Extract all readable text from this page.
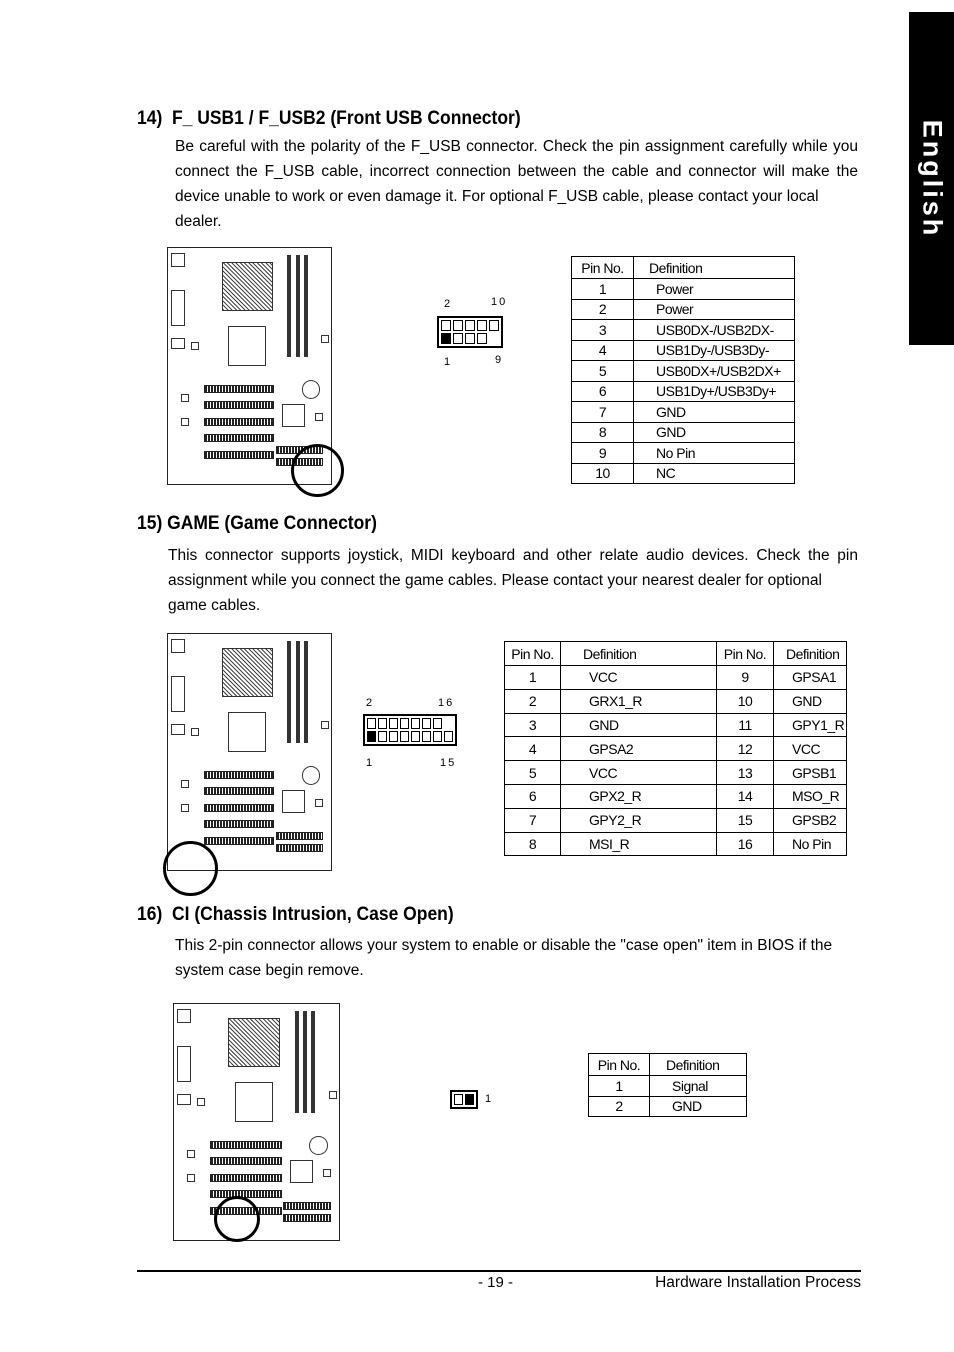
English
14) F_ USB1 / F_USB2 (Front USB Connector)

Be careful with the polarity of the F_USB connector. Check the pin assignment carefully while you connect the F_USB cable, incorrect connection between the cable and connector will make the device unable to work or even damage it. For optional F_USB cable, please contact your local

dealer.

2	10
1	9
Pin No.	Definition
1	Power
2	Power
3	USB0DX-/USB2DX-
4	USB1Dy-/USB3Dy-
5	USB0DX+/USB2DX+
6	USB1Dy+/USB3Dy+
7	GND
8	GND
9	No Pin
10	NC
15) GAME (Game Connector)

This connector supports joystick, MIDI keyboard and other relate audio devices. Check the pin assignment while you connect the game cables. Please contact your nearest dealer for optional

game cables.

2	16
1	15
Pin No.	Definition	Pin No.	Definition
1	VCC	9	GPSA1
2	GRX1_R	10	GND
3	GND	11	GPY1_R
4	GPSA2	12	VCC
5	VCC	13	GPSB1
6	GPX2_R	14	MSO_R
7	GPY2_R	15	GPSB2
8	MSI_R	16	No Pin
16) CI (Chassis Intrusion, Case Open)

This 2-pin connector allows your system to enable or disable the "case open" item in BIOS if the

system case begin remove.

1
Pin No.	Definition
1	Signal
2	GND
- 19 -	Hardware Installation Process
